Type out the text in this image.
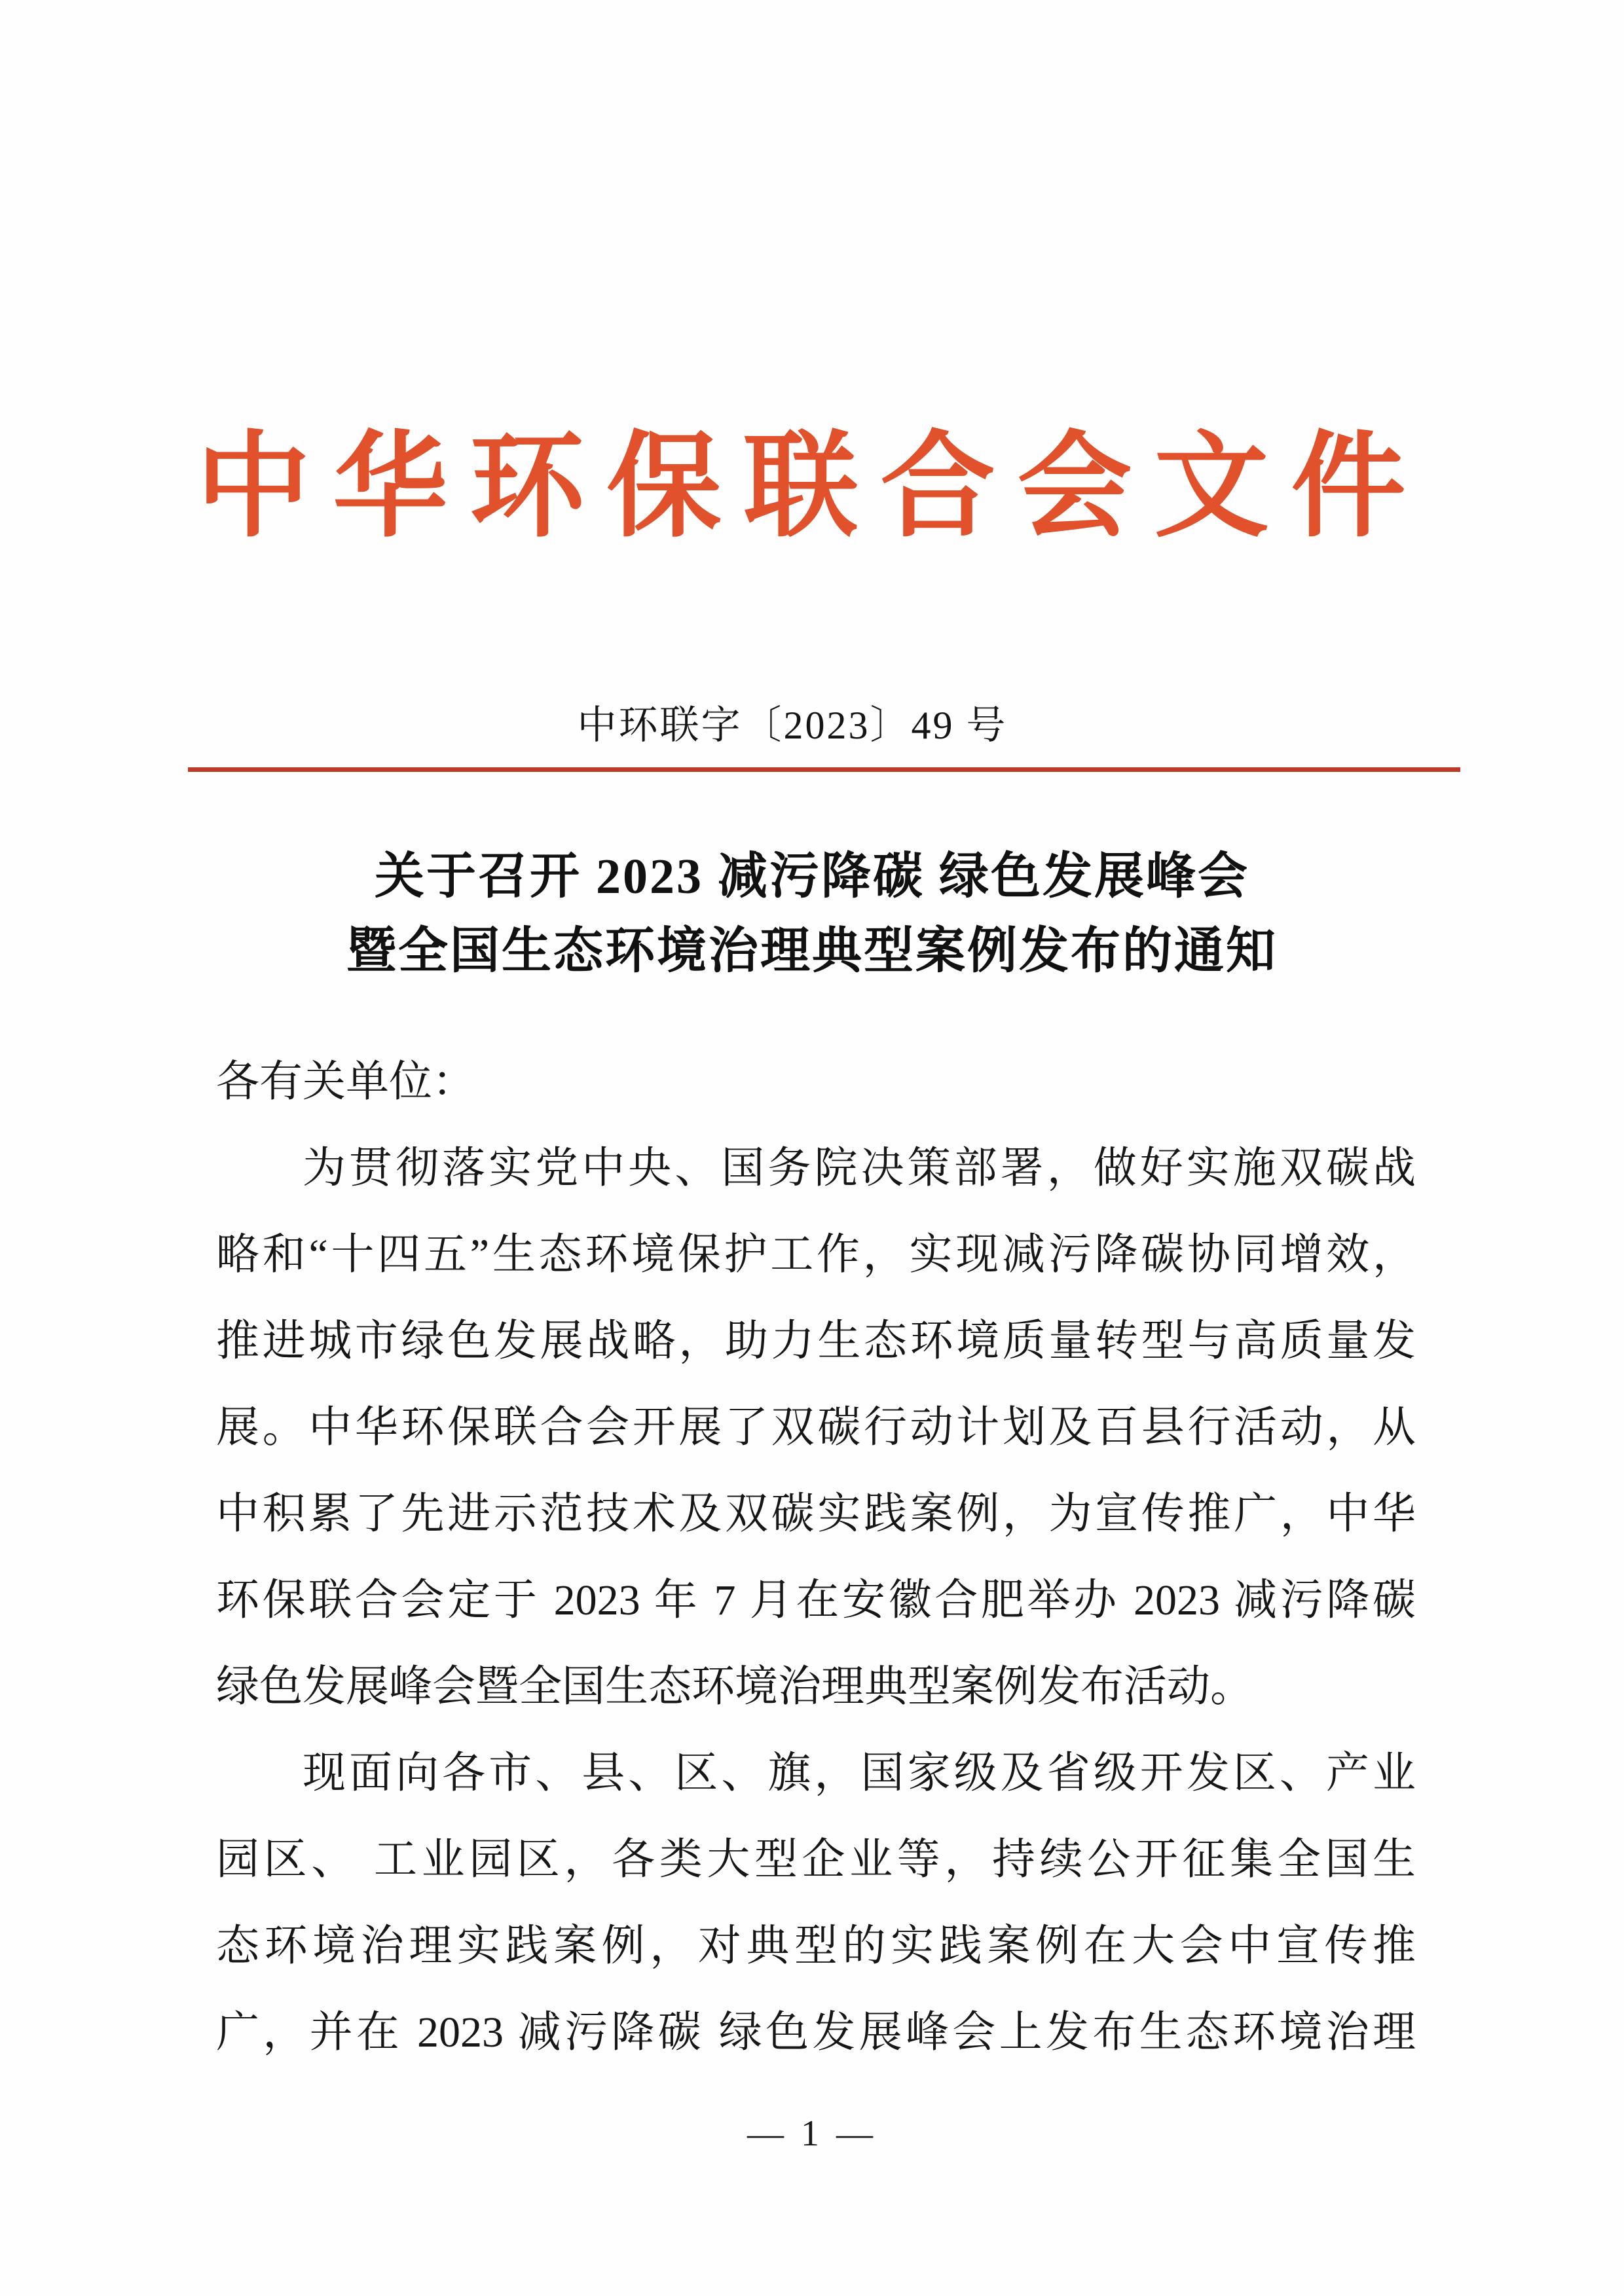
中华环保联合会文件
中环联字〔2023〕49 号
关于召开 2023 减污降碳 绿色发展峰会
暨全国生态环境治理典型案例发布的通知
各有关单位：
为贯彻落实党中央、国务院决策部署，做好实施双碳战
略和“十四五”生态环境保护工作，实现减污降碳协同增效，
推进城市绿色发展战略，助力生态环境质量转型与高质量发
展。中华环保联合会开展了双碳行动计划及百县行活动，从
中积累了先进示范技术及双碳实践案例，为宣传推广，中华
环保联合会定于 2023 年 7 月在安徽合肥举办 2023 减污降碳
绿色发展峰会暨全国生态环境治理典型案例发布活动。
现面向各市、县、区、旗，国家级及省级开发区、产业
园区、 工业园区，各类大型企业等，持续公开征集全国生
态环境治理实践案例，对典型的实践案例在大会中宣传推
广，并在 2023 减污降碳 绿色发展峰会上发布生态环境治理
— 1 —
